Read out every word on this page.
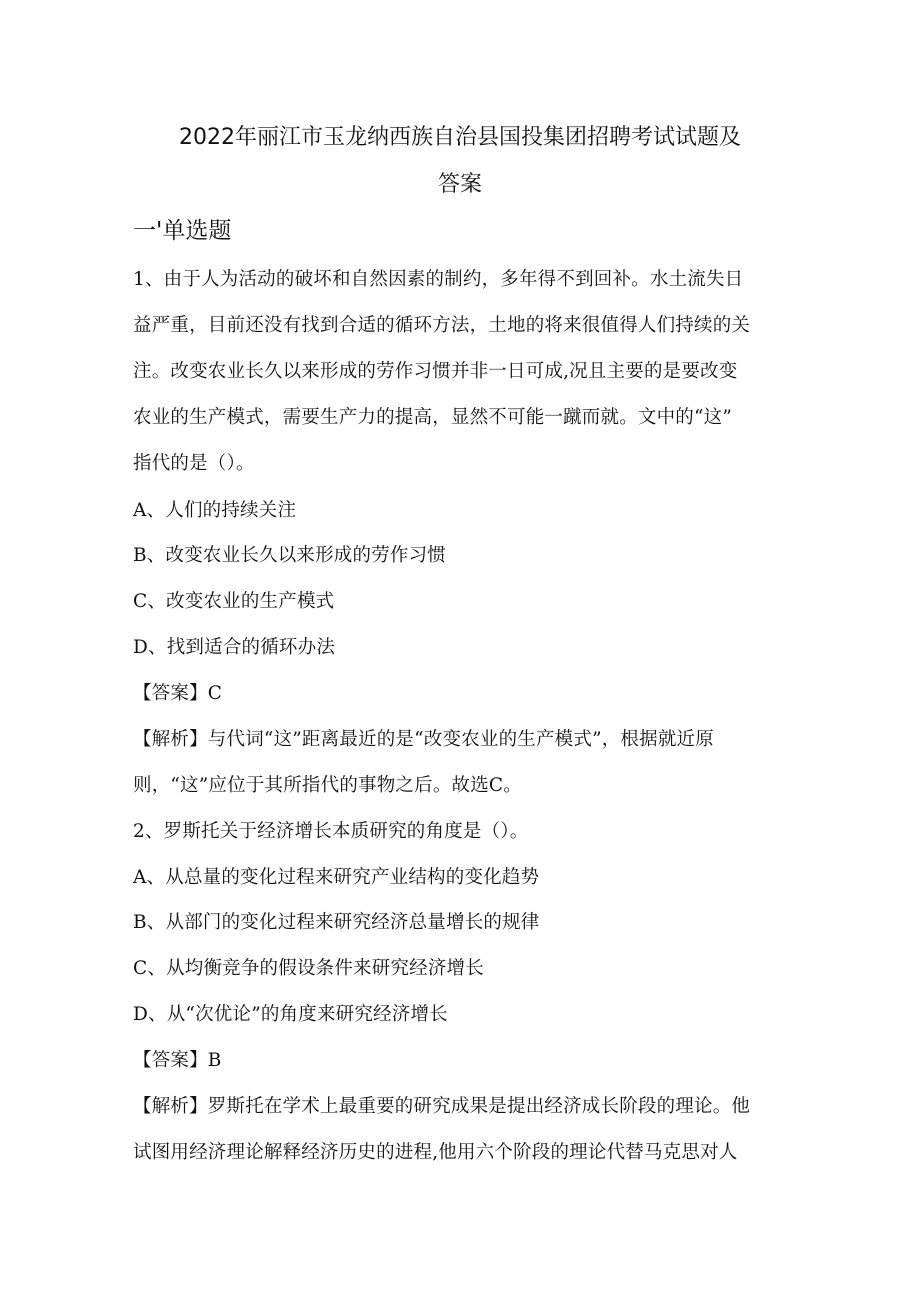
2022年丽江市玉龙纳西族自治县国投集团招聘考试试题及
答案
一'单选题
1、由于人为活动的破坏和自然因素的制约，多年得不到回补。水土流失日
益严重，目前还没有找到合适的循环方法，土地的将来很值得人们持续的关
注。改变农业长久以来形成的劳作习惯并非一日可成,况且主要的是要改变
农业的生产模式，需要生产力的提高，显然不可能一蹴而就。文中的“这”
指代的是（）。
A、人们的持续关注
B、改变农业长久以来形成的劳作习惯
C、改变农业的生产模式
D、找到适合的循环办法
【答案】C
【解析】与代词“这”距离最近的是“改变农业的生产模式”，根据就近原
则，“这”应位于其所指代的事物之后。故选C。
2、罗斯托关于经济增长本质研究的角度是（）。
A、从总量的变化过程来研究产业结构的变化趋势
B、从部门的变化过程来研究经济总量增长的规律
C、从均衡竞争的假设条件来研究经济增长
D、从“次优论”的角度来研究经济增长
【答案】B
【解析】罗斯托在学术上最重要的研究成果是提出经济成长阶段的理论。他
试图用经济理论解释经济历史的进程,他用六个阶段的理论代替马克思对人
